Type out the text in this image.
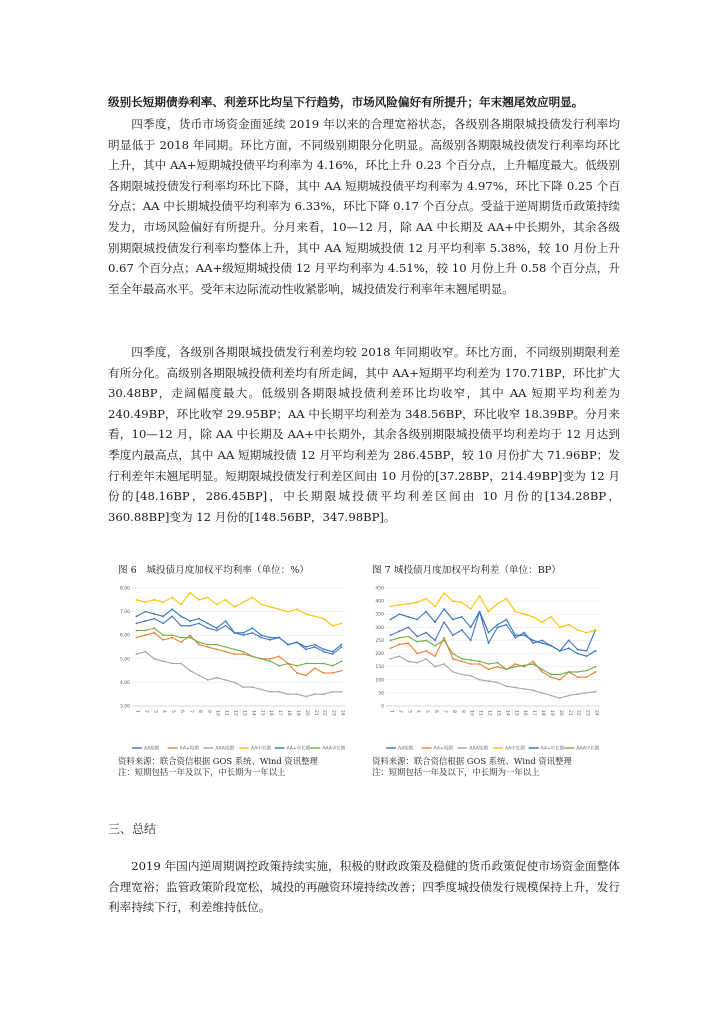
级别长短期债券利率、利差环比均呈下行趋势，市场风险偏好有所提升；年末翘尾效应明显。

四季度，货币市场资金面延续 2019 年以来的合理宽裕状态，各级别各期限城投债发行利率均明显低于 2018 年同期。环比方面，不同级别期限分化明显。高级别各期限城投债发行利率均环比上升，其中 AA+短期城投债平均利率为 4.16%，环比上升 0.23 个百分点，上升幅度最大。低级别各期限城投债发行利率均环比下降，其中 AA 短期城投债平均利率为 4.97%，环比下降 0.25 个百分点；AA 中长期城投债平均利率为 6.33%，环比下降 0.17 个百分点。受益于逆周期货币政策持续发力，市场风险偏好有所提升。分月来看，10—12 月，除 AA 中长期及 AA+中长期外，其余各级别期限城投债发行利率均整体上升，其中 AA 短期城投债 12 月平均利率 5.38%，较 10 月份上升 0.67 个百分点；AA+级短期城投债 12 月平均利率为 4.51%，较 10 月份上升 0.58 个百分点，升至全年最高水平。受年末边际流动性收紧影响，城投债发行利率年末翘尾明显。

四季度，各级别各期限城投债发行利差均较 2018 年同期收窄。环比方面，不同级别期限利差有所分化。高级别各期限城投债利差均有所走阔，其中 AA+短期平均利差为 170.71BP，环比扩大 30.48BP，走阔幅度最大。低级别各期限城投债利差环比均收窄，其中 AA 短期平均利差为 240.49BP，环比收窄 29.95BP；AA 中长期平均利差为 348.56BP，环比收窄 18.39BP。分月来看，10—12 月，除 AA 中长期及 AA+中长期外，其余各级别期限城投债平均利差均于 12 月达到季度内最高点，其中 AA 短期城投债 12 月平均利差为 286.45BP，较 10 月份扩大 71.96BP；发行利差年末翘尾明显。短期限城投债发行利差区间由 10 月份的[37.28BP，214.49BP]变为 12 月份的[48.16BP，286.45BP]，中长期限城投债平均利差区间由 10 月份的[134.28BP，360.88BP]变为 12 月份的[148.56BP，347.98BP]。

图 6　城投债月度加权平均利率（单位：%）
3.00
4.00
5.00
6.00
7.00
8.00
1 2 3 4 5 6 7 8 9 10 11 12 13 14 15 16 17 18 19 20 21 22 23 24
AA短期	AA+短期	AAA短期	AA中长期	AA+中长期	AAA中长期
资料来源：联合资信根据 GOS 系统、Wind 资讯整理
注：短期包括一年及以下，中长期为一年以上
图 7 城投债月度加权平均利差（单位：BP）
0
50
100
150
200
250
300
350
400
450
1 2 3 4 5 6 7 8 9 10 11 12 13 14 15 16 17 18 19 20 21 22 23 24
AA短期	AA+短期	AAA短期	AA中长期	AA+中长期	AAA中长期
资料来源：联合资信根据 GOS 系统、Wind 资讯整理
注：短期包括一年及以下，中长期为一年以上
三、总结

2019 年国内逆周期调控政策持续实施，积极的财政政策及稳健的货币政策促使市场资金面整体合理宽裕；监管政策阶段宽松，城投的再融资环境持续改善；四季度城投债发行规模保持上升，发行利率持续下行，利差维持低位。
